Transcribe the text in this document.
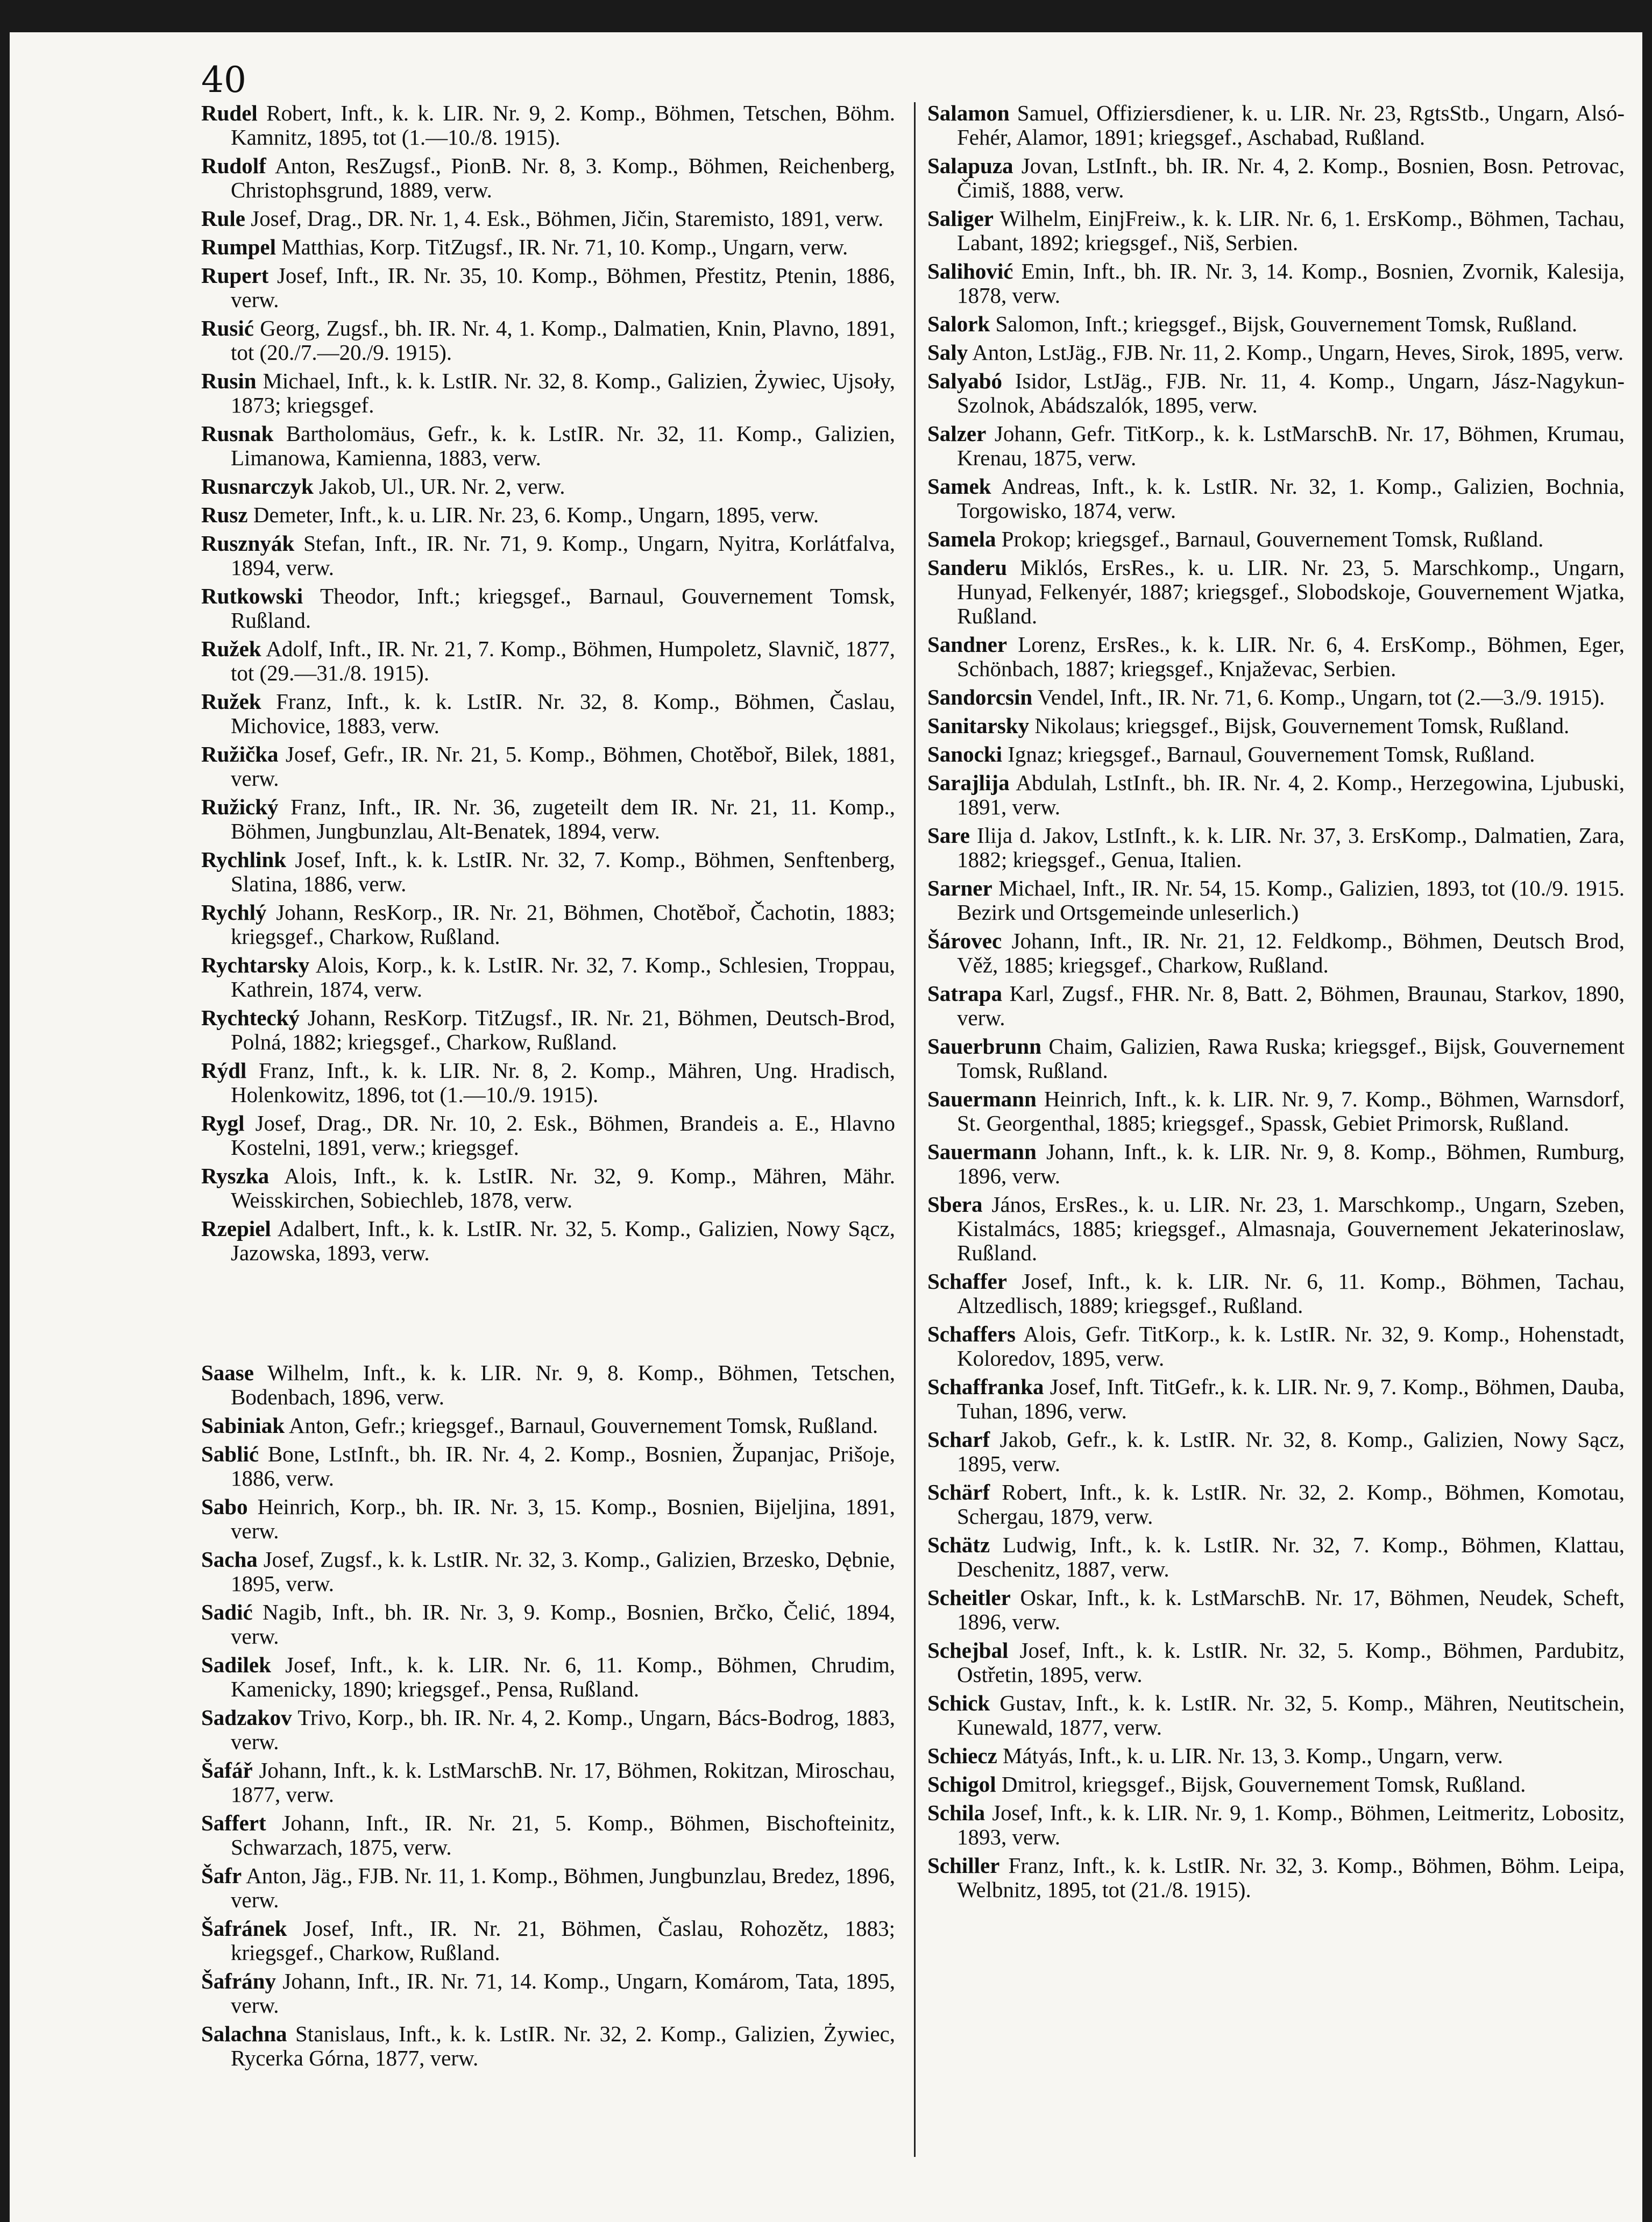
40

Rudel Robert, Inft., k. k. LIR. Nr. 9, 2. Komp., Böhmen, Tetschen, Böhm. Kamnitz, 1895, tot (1.—10./8. 1915).

Rudolf Anton, ResZugsf., PionB. Nr. 8, 3. Komp., Böhmen, Reichenberg, Christophsgrund, 1889, verw.

Rule Josef, Drag., DR. Nr. 1, 4. Esk., Böhmen, Jičin, Staremisto, 1891, verw.

Rumpel Matthias, Korp. TitZugsf., IR. Nr. 71, 10. Komp., Ungarn, verw.

Rupert Josef, Inft., IR. Nr. 35, 10. Komp., Böhmen, Přestitz, Ptenin, 1886, verw.

Rusić Georg, Zugsf., bh. IR. Nr. 4, 1. Komp., Dalmatien, Knin, Plavno, 1891, tot (20./7.—20./9. 1915).

Rusin Michael, Inft., k. k. LstIR. Nr. 32, 8. Komp., Galizien, Żywiec, Ujsoły, 1873; kriegsgef.

Rusnak Bartholomäus, Gefr., k. k. LstIR. Nr. 32, 11. Komp., Galizien, Limanowa, Kamienna, 1883, verw.

Rusnarczyk Jakob, Ul., UR. Nr. 2, verw.

Rusz Demeter, Inft., k. u. LIR. Nr. 23, 6. Komp., Ungarn, 1895, verw.

Rusznyák Stefan, Inft., IR. Nr. 71, 9. Komp., Ungarn, Nyitra, Korlátfalva, 1894, verw.

Rutkowski Theodor, Inft.; kriegsgef., Barnaul, Gouvernement Tomsk, Rußland.

Ružek Adolf, Inft., IR. Nr. 21, 7. Komp., Böhmen, Humpoletz, Slavnič, 1877, tot (29.—31./8. 1915).

Ružek Franz, Inft., k. k. LstIR. Nr. 32, 8. Komp., Böhmen, Časlau, Michovice, 1883, verw.

Ružička Josef, Gefr., IR. Nr. 21, 5. Komp., Böhmen, Chotěboř, Bilek, 1881, verw.

Ružický Franz, Inft., IR. Nr. 36, zugeteilt dem IR. Nr. 21, 11. Komp., Böhmen, Jungbunzlau, Alt-Benatek, 1894, verw.

Rychlink Josef, Inft., k. k. LstIR. Nr. 32, 7. Komp., Böhmen, Senftenberg, Slatina, 1886, verw.

Rychlý Johann, ResKorp., IR. Nr. 21, Böhmen, Chotěboř, Čachotin, 1883; kriegsgef., Charkow, Rußland.

Rychtarsky Alois, Korp., k. k. LstIR. Nr. 32, 7. Komp., Schlesien, Troppau, Kathrein, 1874, verw.

Rychtecký Johann, ResKorp. TitZugsf., IR. Nr. 21, Böhmen, Deutsch-Brod, Polná, 1882; kriegsgef., Charkow, Rußland.

Rýdl Franz, Inft., k. k. LIR. Nr. 8, 2. Komp., Mähren, Ung. Hradisch, Holenkowitz, 1896, tot (1.—10./9. 1915).

Rygl Josef, Drag., DR. Nr. 10, 2. Esk., Böhmen, Brandeis a. E., Hlavno Kostelni, 1891, verw.; kriegsgef.

Ryszka Alois, Inft., k. k. LstIR. Nr. 32, 9. Komp., Mähren, Mähr. Weisskirchen, Sobiechleb, 1878, verw.

Rzepiel Adalbert, Inft., k. k. LstIR. Nr. 32, 5. Komp., Galizien, Nowy Sącz, Jazowska, 1893, verw.

Saase Wilhelm, Inft., k. k. LIR. Nr. 9, 8. Komp., Böhmen, Tetschen, Bodenbach, 1896, verw.

Sabiniak Anton, Gefr.; kriegsgef., Barnaul, Gouvernement Tomsk, Rußland.

Sablić Bone, LstInft., bh. IR. Nr. 4, 2. Komp., Bosnien, Županjac, Prišoje, 1886, verw.

Sabo Heinrich, Korp., bh. IR. Nr. 3, 15. Komp., Bosnien, Bijeljina, 1891, verw.

Sacha Josef, Zugsf., k. k. LstIR. Nr. 32, 3. Komp., Galizien, Brzesko, Dębnie, 1895, verw.

Sadić Nagib, Inft., bh. IR. Nr. 3, 9. Komp., Bosnien, Brčko, Čelić, 1894, verw.

Sadilek Josef, Inft., k. k. LIR. Nr. 6, 11. Komp., Böhmen, Chrudim, Kamenicky, 1890; kriegsgef., Pensa, Rußland.

Sadzakov Trivo, Korp., bh. IR. Nr. 4, 2. Komp., Ungarn, Bács-Bodrog, 1883, verw.

Šafář Johann, Inft., k. k. LstMarschB. Nr. 17, Böhmen, Rokitzan, Miroschau, 1877, verw.

Saffert Johann, Inft., IR. Nr. 21, 5. Komp., Böhmen, Bischofteinitz, Schwarzach, 1875, verw.

Šafr Anton, Jäg., FJB. Nr. 11, 1. Komp., Böhmen, Jungbunzlau, Bredez, 1896, verw.

Šafránek Josef, Inft., IR. Nr. 21, Böhmen, Časlau, Rohozětz, 1883; kriegsgef., Charkow, Rußland.

Šafrány Johann, Inft., IR. Nr. 71, 14. Komp., Ungarn, Komárom, Tata, 1895, verw.

Salachna Stanislaus, Inft., k. k. LstIR. Nr. 32, 2. Komp., Galizien, Żywiec, Rycerka Górna, 1877, verw.

Salamon Samuel, Offiziersdiener, k. u. LIR. Nr. 23, RgtsStb., Ungarn, Alsó-Fehér, Alamor, 1891; kriegsgef., Aschabad, Rußland.

Salapuza Jovan, LstInft., bh. IR. Nr. 4, 2. Komp., Bosnien, Bosn. Petrovac, Čimiš, 1888, verw.

Saliger Wilhelm, EinjFreiw., k. k. LIR. Nr. 6, 1. ErsKomp., Böhmen, Tachau, Labant, 1892; kriegsgef., Niš, Serbien.

Salihović Emin, Inft., bh. IR. Nr. 3, 14. Komp., Bosnien, Zvornik, Kalesija, 1878, verw.

Salork Salomon, Inft.; kriegsgef., Bijsk, Gouvernement Tomsk, Rußland.

Saly Anton, LstJäg., FJB. Nr. 11, 2. Komp., Ungarn, Heves, Sirok, 1895, verw.

Salyabó Isidor, LstJäg., FJB. Nr. 11, 4. Komp., Ungarn, Jász-Nagykun-Szolnok, Abádszalók, 1895, verw.

Salzer Johann, Gefr. TitKorp., k. k. LstMarschB. Nr. 17, Böhmen, Krumau, Krenau, 1875, verw.

Samek Andreas, Inft., k. k. LstIR. Nr. 32, 1. Komp., Galizien, Bochnia, Torgowisko, 1874, verw.

Samela Prokop; kriegsgef., Barnaul, Gouvernement Tomsk, Rußland.

Sanderu Miklós, ErsRes., k. u. LIR. Nr. 23, 5. Marschkomp., Ungarn, Hunyad, Felkenyér, 1887; kriegsgef., Slobodskoje, Gouvernement Wjatka, Rußland.

Sandner Lorenz, ErsRes., k. k. LIR. Nr. 6, 4. ErsKomp., Böhmen, Eger, Schönbach, 1887; kriegsgef., Knjaževac, Serbien.

Sandorcsin Vendel, Inft., IR. Nr. 71, 6. Komp., Ungarn, tot (2.—3./9. 1915).

Sanitarsky Nikolaus; kriegsgef., Bijsk, Gouvernement Tomsk, Rußland.

Sanocki Ignaz; kriegsgef., Barnaul, Gouvernement Tomsk, Rußland.

Sarajlija Abdulah, LstInft., bh. IR. Nr. 4, 2. Komp., Herzegowina, Ljubuski, 1891, verw.

Sare Ilija d. Jakov, LstInft., k. k. LIR. Nr. 37, 3. ErsKomp., Dalmatien, Zara, 1882; kriegsgef., Genua, Italien.

Sarner Michael, Inft., IR. Nr. 54, 15. Komp., Galizien, 1893, tot (10./9. 1915. Bezirk und Ortsgemeinde unleserlich.)

Šárovec Johann, Inft., IR. Nr. 21, 12. Feldkomp., Böhmen, Deutsch Brod, Věž, 1885; kriegsgef., Charkow, Rußland.

Satrapa Karl, Zugsf., FHR. Nr. 8, Batt. 2, Böhmen, Braunau, Starkov, 1890, verw.

Sauerbrunn Chaim, Galizien, Rawa Ruska; kriegsgef., Bijsk, Gouvernement Tomsk, Rußland.

Sauermann Heinrich, Inft., k. k. LIR. Nr. 9, 7. Komp., Böhmen, Warnsdorf, St. Georgenthal, 1885; kriegsgef., Spassk, Gebiet Primorsk, Rußland.

Sauermann Johann, Inft., k. k. LIR. Nr. 9, 8. Komp., Böhmen, Rumburg, 1896, verw.

Sbera János, ErsRes., k. u. LIR. Nr. 23, 1. Marschkomp., Ungarn, Szeben, Kistalmács, 1885; kriegsgef., Almasnaja, Gouvernement Jekaterinoslaw, Rußland.

Schaffer Josef, Inft., k. k. LIR. Nr. 6, 11. Komp., Böhmen, Tachau, Altzedlisch, 1889; kriegsgef., Rußland.

Schaffers Alois, Gefr. TitKorp., k. k. LstIR. Nr. 32, 9. Komp., Hohenstadt, Koloredov, 1895, verw.

Schaffranka Josef, Inft. TitGefr., k. k. LIR. Nr. 9, 7. Komp., Böhmen, Dauba, Tuhan, 1896, verw.

Scharf Jakob, Gefr., k. k. LstIR. Nr. 32, 8. Komp., Galizien, Nowy Sącz, 1895, verw.

Schärf Robert, Inft., k. k. LstIR. Nr. 32, 2. Komp., Böhmen, Komotau, Schergau, 1879, verw.

Schätz Ludwig, Inft., k. k. LstIR. Nr. 32, 7. Komp., Böhmen, Klattau, Deschenitz, 1887, verw.

Scheitler Oskar, Inft., k. k. LstMarschB. Nr. 17, Böhmen, Neudek, Scheft, 1896, verw.

Schejbal Josef, Inft., k. k. LstIR. Nr. 32, 5. Komp., Böhmen, Pardubitz, Ostřetin, 1895, verw.

Schick Gustav, Inft., k. k. LstIR. Nr. 32, 5. Komp., Mähren, Neutitschein, Kunewald, 1877, verw.

Schiecz Mátyás, Inft., k. u. LIR. Nr. 13, 3. Komp., Ungarn, verw.

Schigol Dmitrol, kriegsgef., Bijsk, Gouvernement Tomsk, Rußland.

Schila Josef, Inft., k. k. LIR. Nr. 9, 1. Komp., Böhmen, Leitmeritz, Lobositz, 1893, verw.

Schiller Franz, Inft., k. k. LstIR. Nr. 32, 3. Komp., Böhmen, Böhm. Leipa, Welbnitz, 1895, tot (21./8. 1915).
